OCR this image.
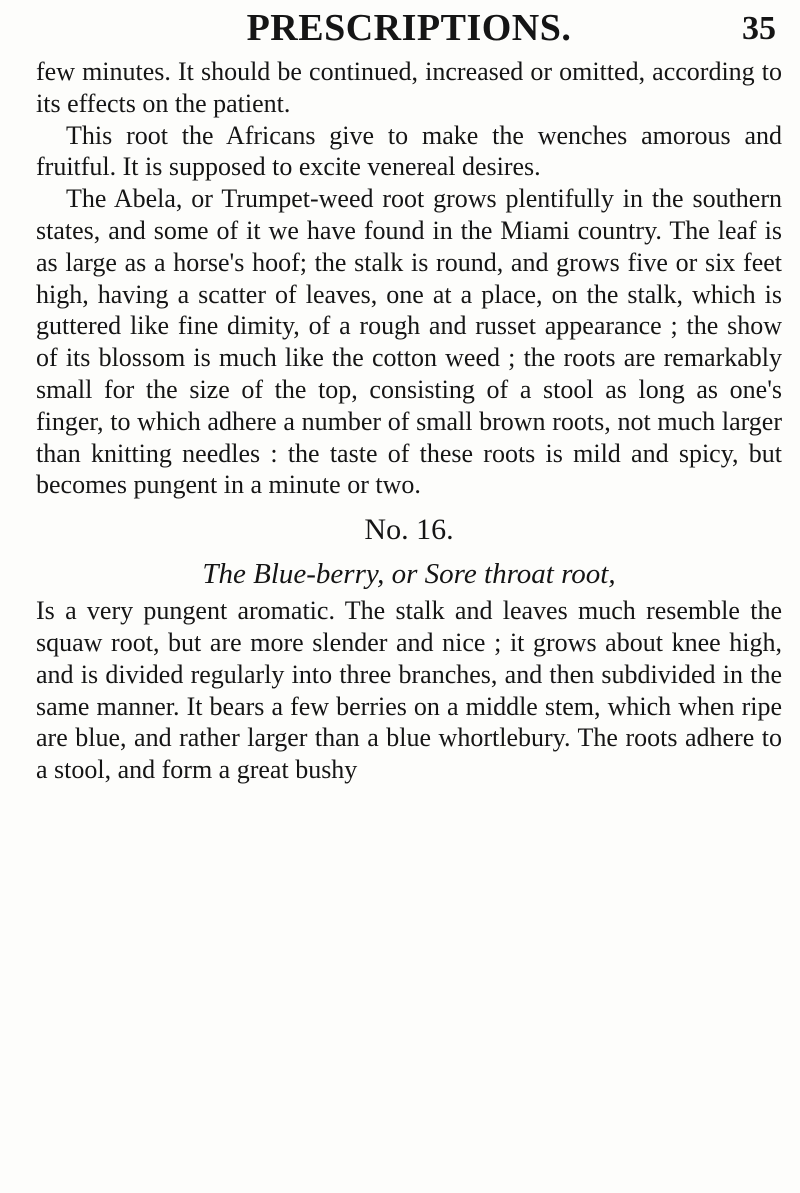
PRESCRIPTIONS.	35

few minutes. It should be continued, increased or omitted, according to its effects on the patient.

This root the Africans give to make the wenches amorous and fruitful. It is supposed to excite venereal desires.

The Abela, or Trumpet-weed root grows plentifully in the southern states, and some of it we have found in the Miami country. The leaf is as large as a horse's hoof; the stalk is round, and grows five or six feet high, having a scatter of leaves, one at a place, on the stalk, which is guttered like fine dimity, of a rough and russet appearance ; the show of its blossom is much like the cotton weed ; the roots are remarkably small for the size of the top, consisting of a stool as long as one's finger, to which adhere a number of small brown roots, not much larger than knitting needles : the taste of these roots is mild and spicy, but becomes pungent in a minute or two.

No. 16.
The Blue-berry, or Sore throat root,

Is a very pungent aromatic. The stalk and leaves much resemble the squaw root, but are more slender and nice ; it grows about knee high, and is divided regularly into three branches, and then subdivided in the same manner. It bears a few berries on a middle stem, which when ripe are blue, and rather larger than a blue whortlebury. The roots adhere to a stool, and form a great bushy
